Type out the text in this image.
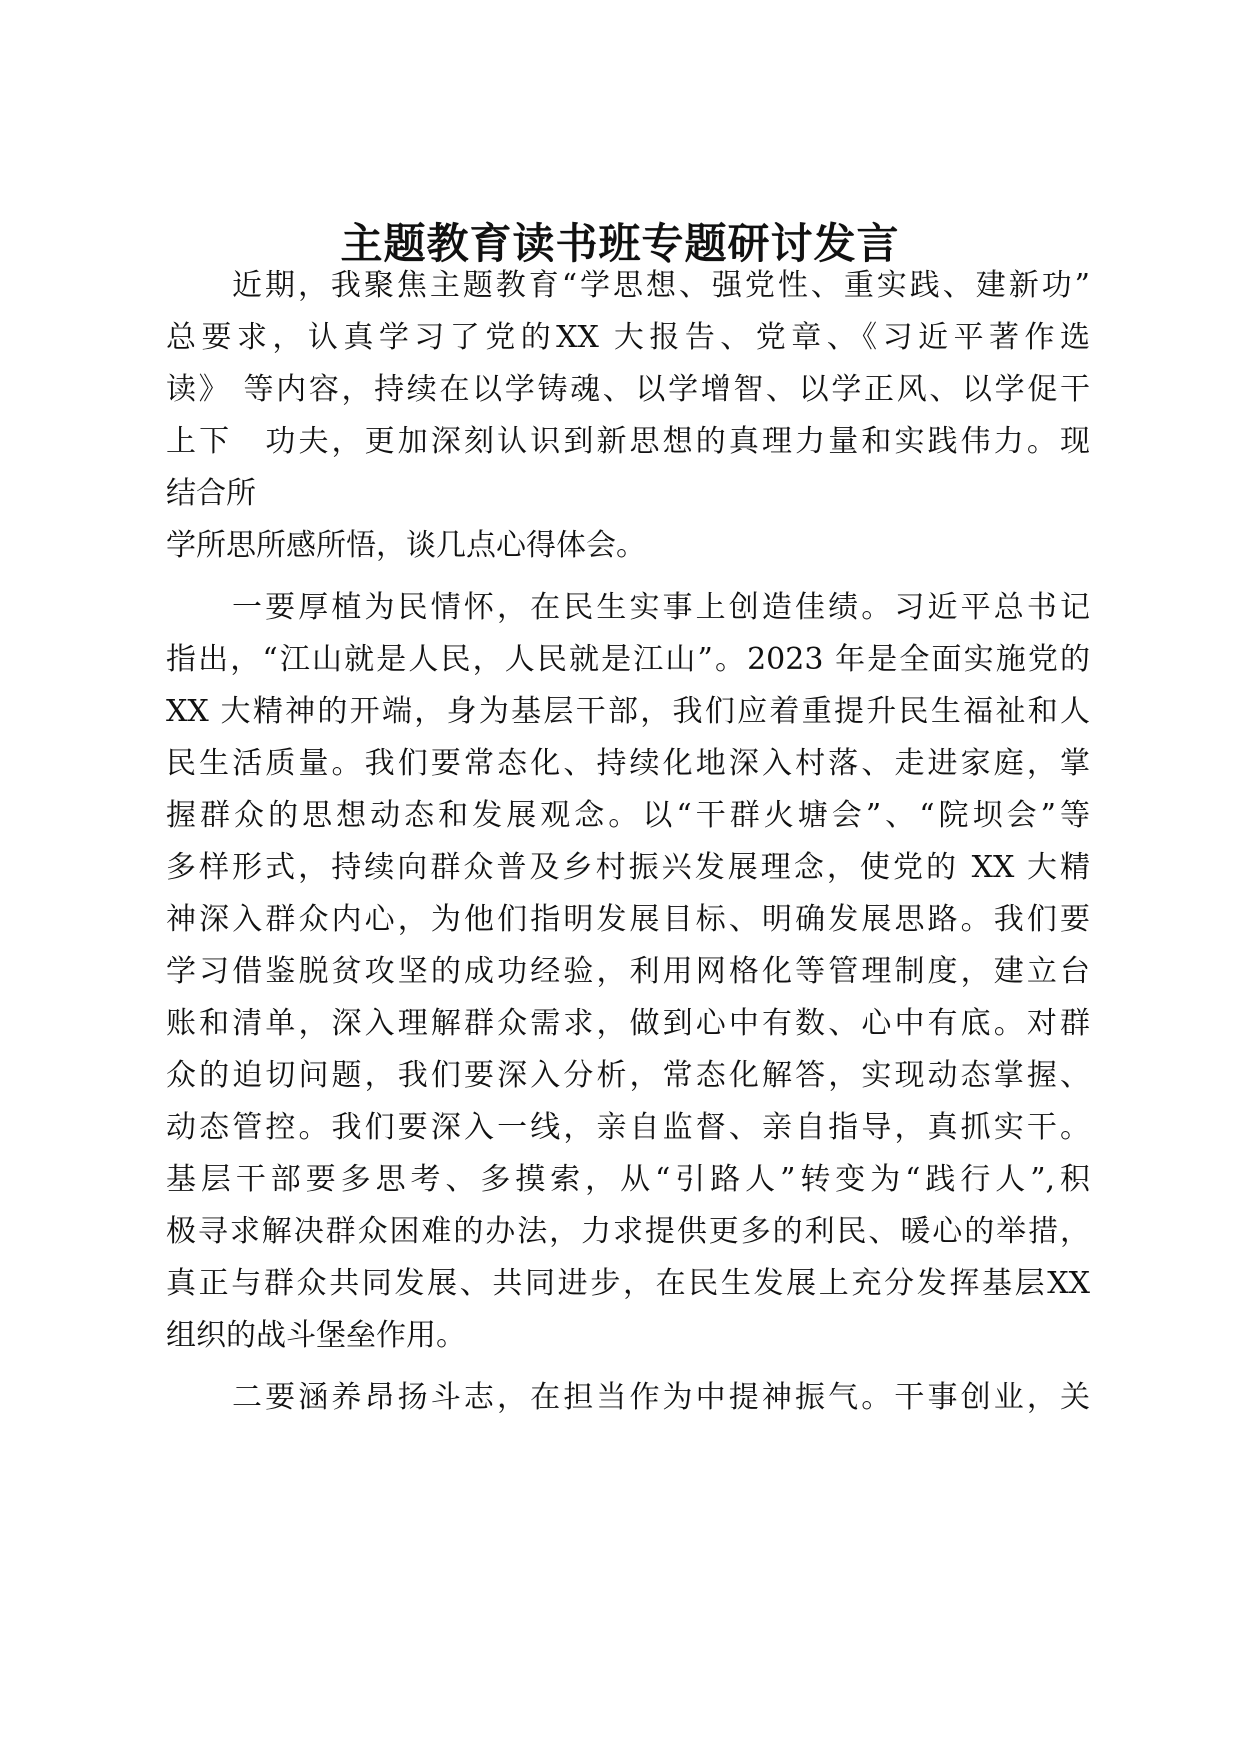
主题教育读书班专题研讨发言
近期，我聚焦主题教育“学思想、强党性、重实践、建新功”
总要求，认真学习了党的XX 大报告、党章、《习近平著作选
读》 等内容，持续在以学铸魂、以学增智、以学正风、以学促干
上下　功夫，更加深刻认识到新思想的真理力量和实践伟力。现
结合所
学所思所感所悟，谈几点心得体会。
一要厚植为民情怀，在民生实事上创造佳绩。习近平总书记
指出，“江山就是人民，人民就是江山”。2023 年是全面实施党的
XX 大精神的开端，身为基层干部，我们应着重提升民生福祉和人
民生活质量。我们要常态化、持续化地深入村落、走进家庭，掌
握群众的思想动态和发展观念。以“干群火塘会”、“院坝会”等
多样形式，持续向群众普及乡村振兴发展理念，使党的 XX 大精
神深入群众内心，为他们指明发展目标、明确发展思路。我们要
学习借鉴脱贫攻坚的成功经验，利用网格化等管理制度，建立台
账和清单，深入理解群众需求，做到心中有数、心中有底。对群
众的迫切问题，我们要深入分析，常态化解答，实现动态掌握、
动态管控。我们要深入一线，亲自监督、亲自指导，真抓实干。
基层干部要多思考、多摸索，从“引路人”转变为“践行人”,积
极寻求解决群众困难的办法，力求提供更多的利民、暖心的举措，
真正与群众共同发展、共同进步，在民生发展上充分发挥基层XX
组织的战斗堡垒作用。
二要涵养昂扬斗志，在担当作为中提神振气。干事创业，关
